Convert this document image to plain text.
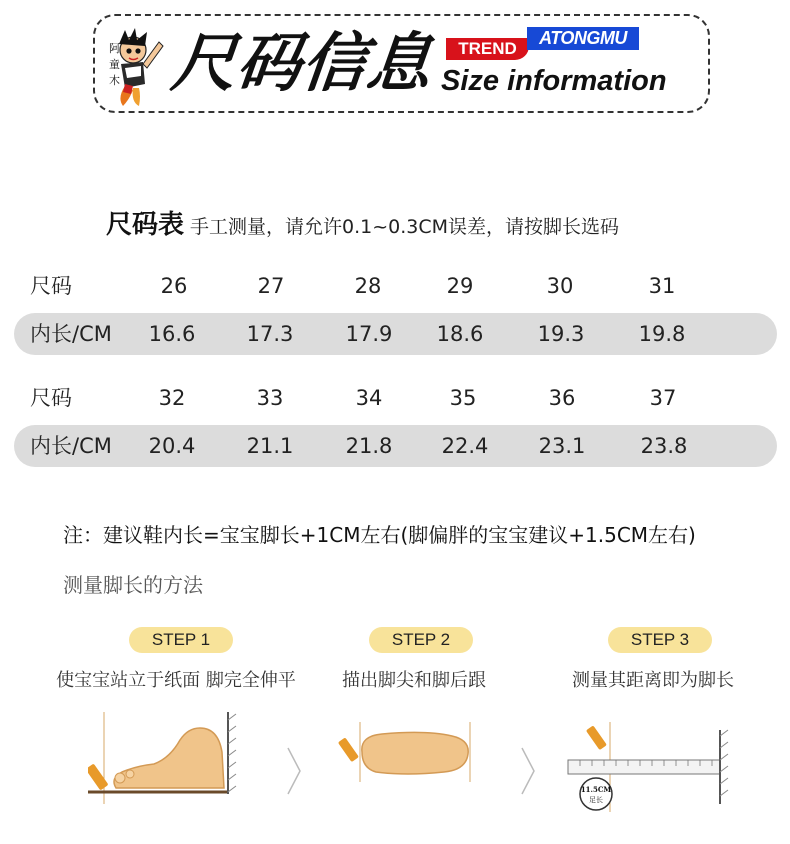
阿
童
木 尺码信息	TREND
ATONGMU
Size information
尺码表 手工测量，请允许0.1~0.3CM误差，请按脚长选码
尺码	26	27	28	29	30	31
内长/CM	16.6	17.3	17.9	18.6	19.3	19.8
尺码	32	33	34	35	36	37
内长/CM	20.4	21.1	21.8	22.4	23.1	23.8
注：建议鞋内长=宝宝脚长+1CM左右(脚偏胖的宝宝建议+1.5CM左右)
测量脚长的方法
STEP 1	STEP 2	STEP 3
使宝宝站立于纸面 脚完全伸平	描出脚尖和脚后跟	测量其距离即为脚长
11.5CM
足长
